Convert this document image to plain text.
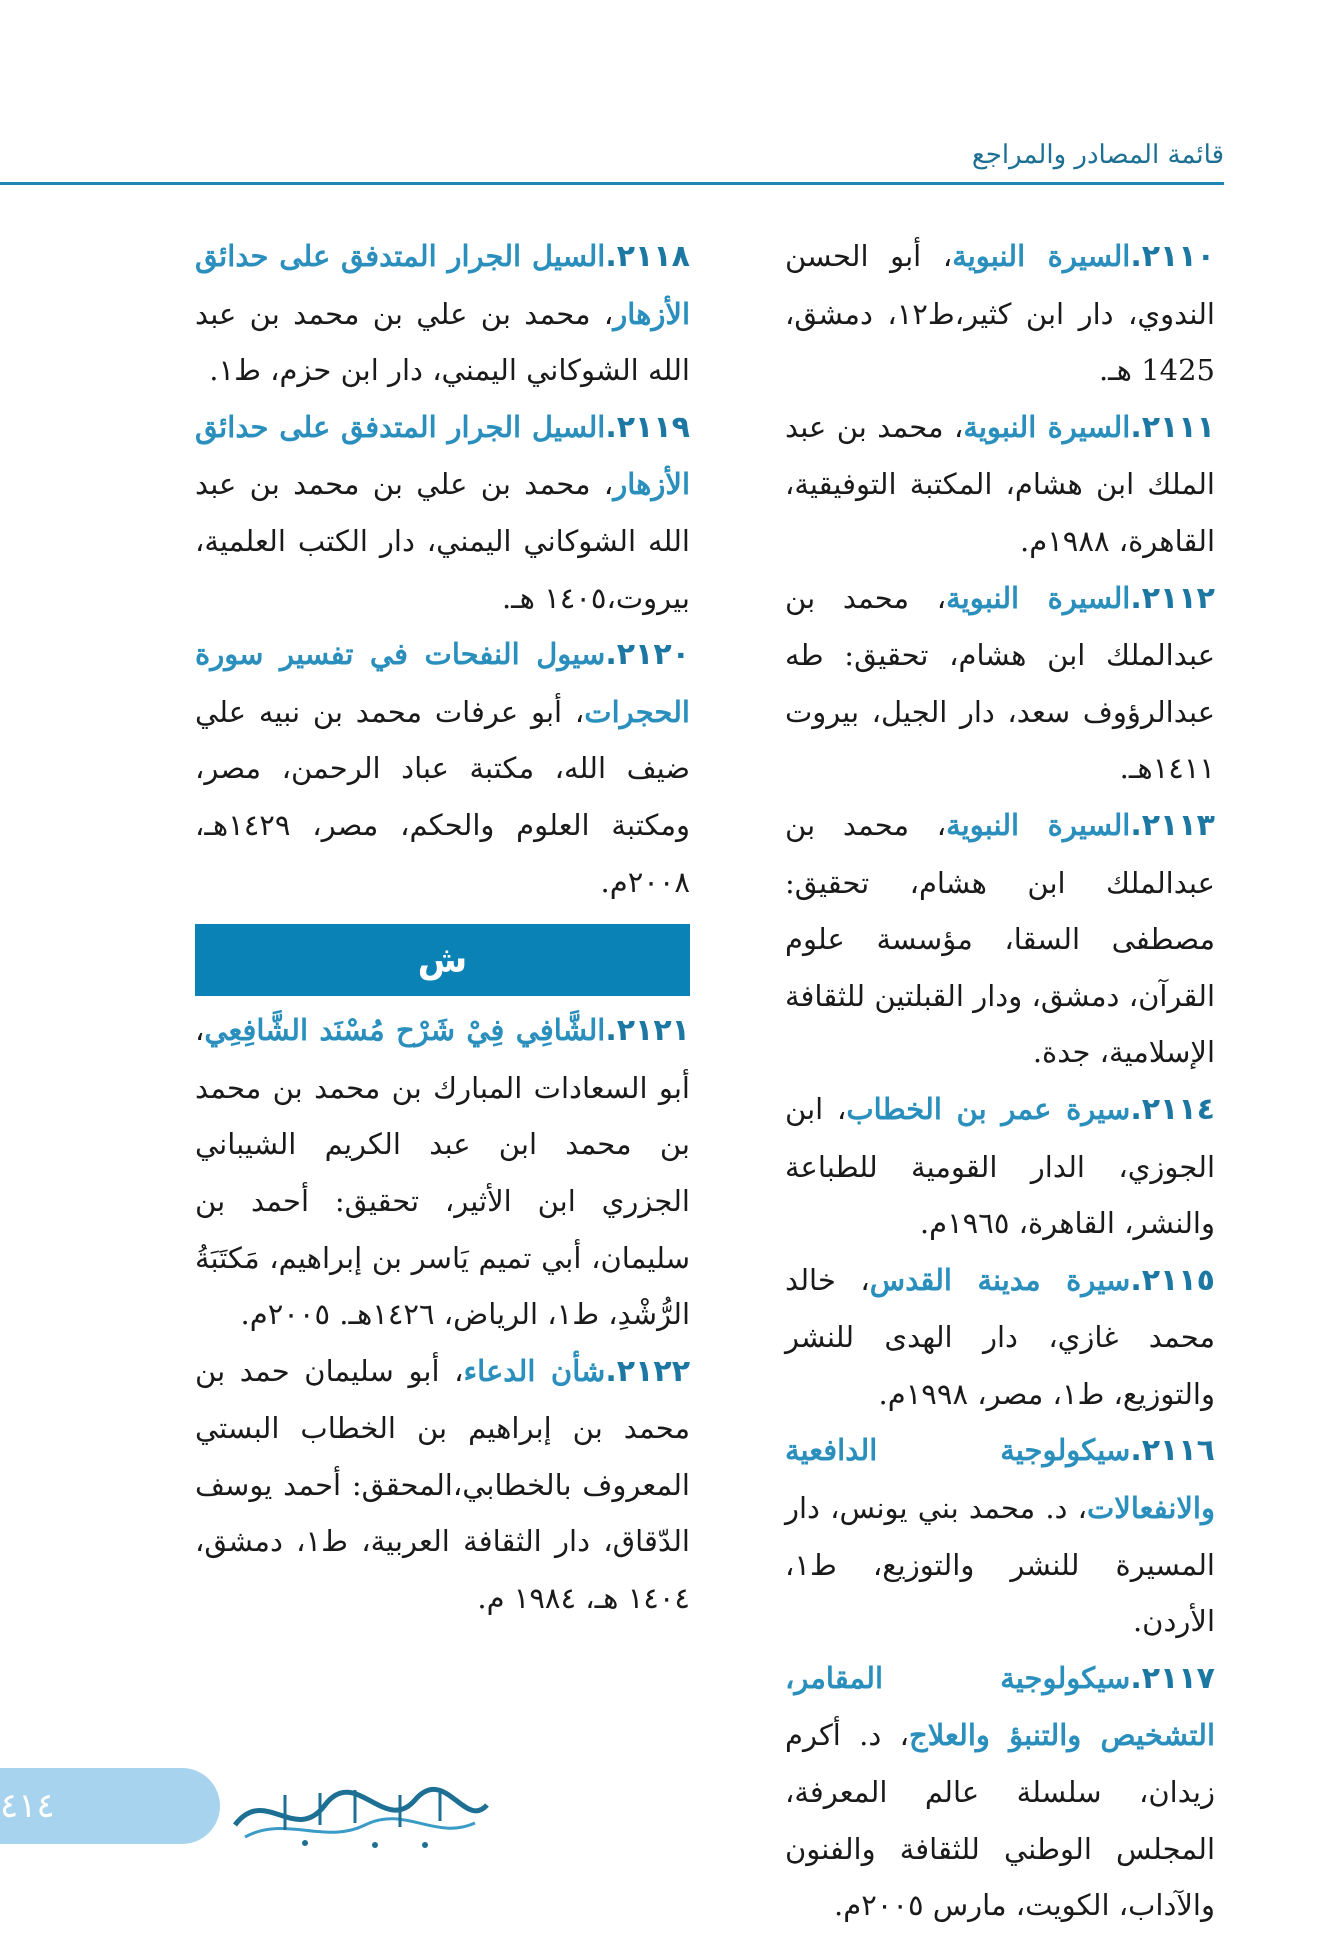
قائمة المصادر والمراجع

٢١١٠.السيرة النبوية، أبو الحسن الندوي، دار ابن كثير،ط١٢، دمشق، 1425 هـ.

٢١١١.السيرة النبوية، محمد بن عبد الملك ابن هشام، المكتبة التوفيقية، القاهرة، ١٩٨٨م.

٢١١٢.السيرة النبوية، محمد بن عبدالملك ابن هشام، تحقيق: طه عبدالرؤوف سعد، دار الجيل، بيروت ١٤١١هـ.

٢١١٣.السيرة النبوية، محمد بن عبدالملك ابن هشام، تحقيق: مصطفى السقا، مؤسسة علوم القرآن، دمشق، ودار القبلتين للثقافة الإسلامية، جدة.

٢١١٤.سيرة عمر بن الخطاب، ابن الجوزي، الدار القومية للطباعة والنشر، القاهرة، ١٩٦٥م.

٢١١٥.سيرة مدينة القدس، خالد محمد غازي، دار الهدى للنشر والتوزيع، ط١، مصر، ١٩٩٨م.

٢١١٦.سيكولوجية الدافعية والانفعالات، د. محمد بني يونس، دار المسيرة للنشر والتوزيع، ط١، الأردن.

٢١١٧.سيكولوجية المقامر، التشخيص والتنبؤ والعلاج، د. أكرم زيدان، سلسلة عالم المعرفة، المجلس الوطني للثقافة والفنون والآداب، الكويت، مارس ٢٠٠٥م.

٢١١٨.السيل الجرار المتدفق على حدائق الأزهار، محمد بن علي بن محمد بن عبد الله الشوكاني اليمني، دار ابن حزم، ط١.

٢١١٩.السيل الجرار المتدفق على حدائق الأزهار، محمد بن علي بن محمد بن عبد الله الشوكاني اليمني، دار الكتب العلمية، بيروت،١٤٠٥ هـ.

٢١٢٠.سيول النفحات في تفسير سورة الحجرات، أبو عرفات محمد بن نبيه علي ضيف الله، مكتبة عباد الرحمن، مصر، ومكتبة العلوم والحكم، مصر، ١٤٢٩هـ، ٢٠٠٨م.

ش

٢١٢١.الشَّافِي فِيْ شَرْح مُسْنَد الشَّافِعِي، أبو السعادات المبارك بن محمد بن محمد بن محمد ابن عبد الكريم الشيباني الجزري ابن الأثير، تحقيق: أحمد بن سليمان، أبي تميم يَاسر بن إبراهيم، مَكتَبَةُ الرُّشْدِ، ط١، الرياض، ١٤٢٦هـ. ٢٠٠٥م.

٢١٢٢.شأن الدعاء، أبو سليمان حمد بن محمد بن إبراهيم بن الخطاب البستي المعروف بالخطابي،المحقق: أحمد يوسف الدّقاق، دار الثقافة العربية، ط١، دمشق، ١٤٠٤ هـ، ١٩٨٤ م.

٤١٤
